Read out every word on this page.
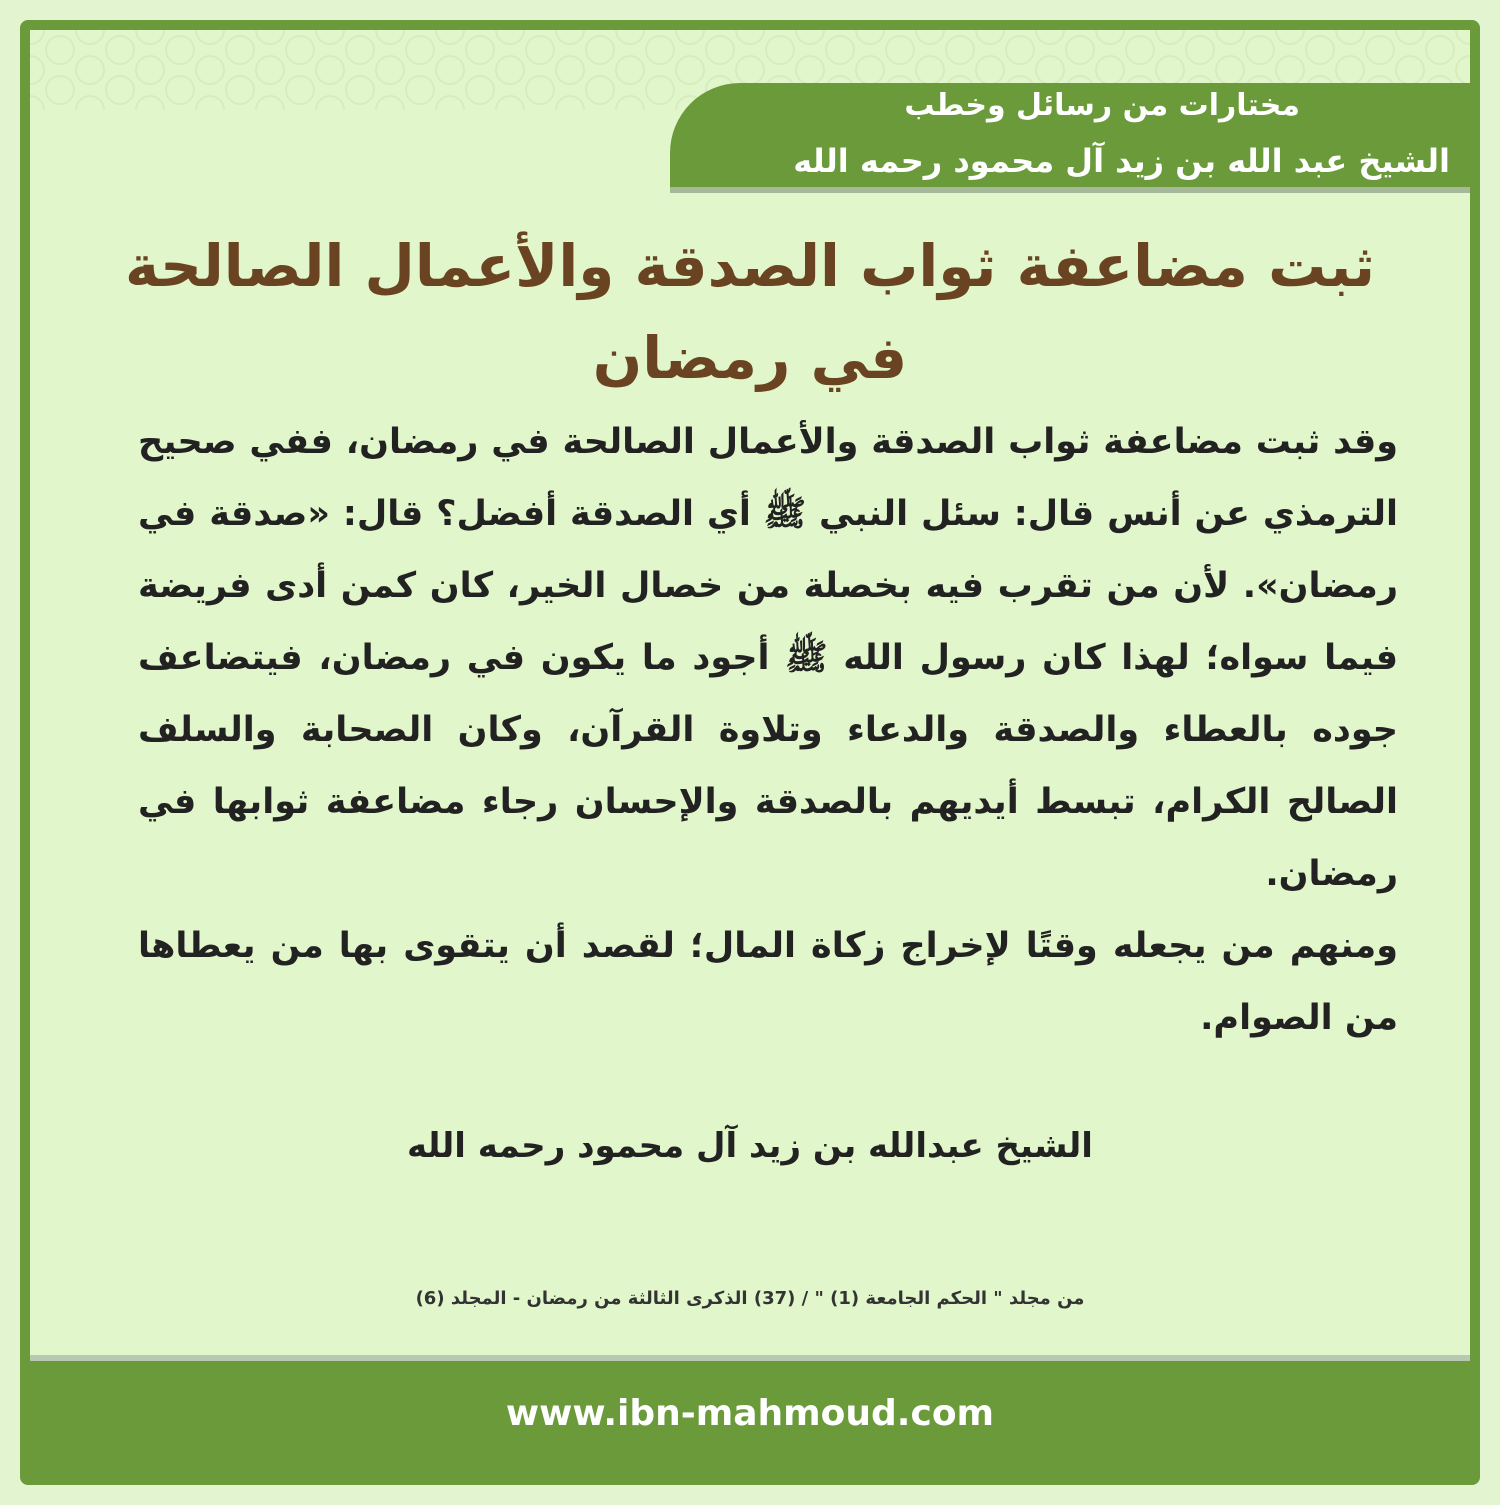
مختارات من رسائل وخطب
الشيخ عبد الله بن زيد آل محمود رحمه الله
ثبت مضاعفة ثواب الصدقة والأعمال الصالحة
في رمضان

وقد ثبت مضاعفة ثواب الصدقة والأعمال الصالحة في رمضان، ففي صحيح الترمذي عن أنس قال: سئل النبي ﷺ أي الصدقة أفضل؟ قال: «صدقة في رمضان». لأن من تقرب فيه بخصلة من خصال الخير، كان كمن أدى فريضة فيما سواه؛ لهذا كان رسول الله ﷺ أجود ما يكون في رمضان، فيتضاعف جوده بالعطاء والصدقة والدعاء وتلاوة القرآن، وكان الصحابة والسلف الصالح الكرام، تبسط أيديهم بالصدقة والإحسان رجاء مضاعفة ثوابها في رمضان.

ومنهم من يجعله وقتًا لإخراج زكاة المال؛ لقصد أن يتقوى بها من يعطاها من الصوام.

الشيخ عبدالله بن زيد آل محمود رحمه الله
من مجلد " الحكم الجامعة (1) " / (37) الذكرى الثالثة من رمضان - المجلد (6)
www.ibn-mahmoud.com
